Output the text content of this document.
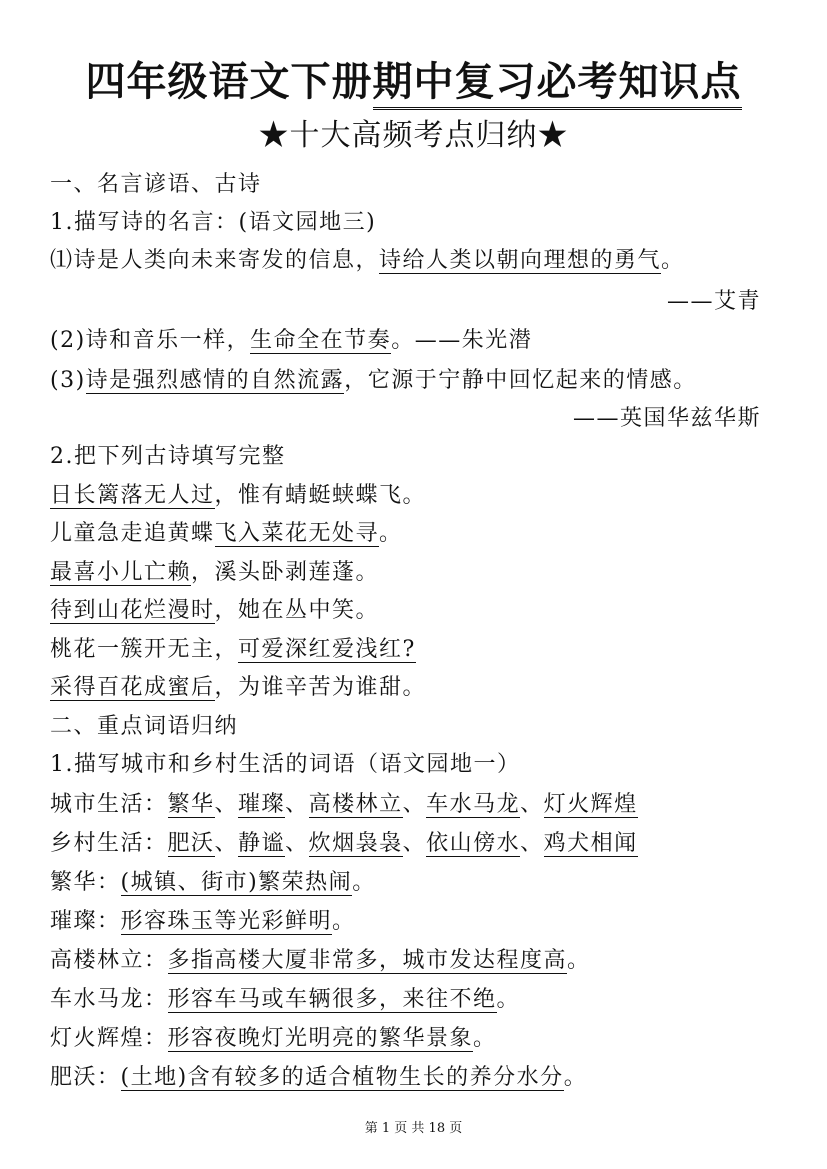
四年级语文下册期中复习必考知识点
★十大高频考点归纳★
一、名言谚语、古诗
1.描写诗的名言：(语文园地三)
⑴诗是人类向未来寄发的信息，诗给人类以朝向理想的勇气。
——艾青
(2)诗和音乐一样，生命全在节奏。——朱光潜
(3)诗是强烈感情的自然流露，它源于宁静中回忆起来的情感。
——英国华兹华斯
2.把下列古诗填写完整
日长篱落无人过，惟有蜻蜓蛱蝶飞。
儿童急走追黄蝶飞入菜花无处寻。
最喜小儿亡赖，溪头卧剥莲蓬。
待到山花烂漫时，她在丛中笑。
桃花一簇开无主，可爱深红爱浅红?
采得百花成蜜后，为谁辛苦为谁甜。
二、重点词语归纳
1.描写城市和乡村生活的词语（语文园地一）
城市生活：繁华、璀璨、高楼林立、车水马龙、灯火辉煌
乡村生活：肥沃、静谧、炊烟袅袅、依山傍水、鸡犬相闻
繁华：(城镇、街市)繁荣热闹。
璀璨：形容珠玉等光彩鲜明。
高楼林立：多指高楼大厦非常多，城市发达程度高。
车水马龙：形容车马或车辆很多，来往不绝。
灯火辉煌：形容夜晚灯光明亮的繁华景象。
肥沃：(土地)含有较多的适合植物生长的养分水分。
第 1 页 共 18 页
